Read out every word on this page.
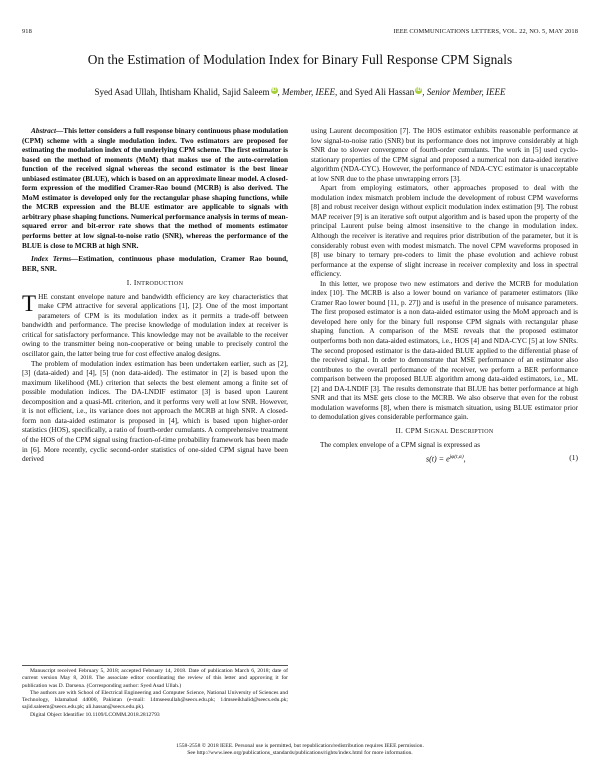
918	IEEE COMMUNICATIONS LETTERS, VOL. 22, NO. 5, MAY 2018
On the Estimation of Modulation Index for Binary Full Response CPM Signals
Syed Asad Ullah, Ihtisham Khalid, Sajid Saleem iD, Member, IEEE, and Syed Ali Hassan iD, Senior Member, IEEE

Abstract—This letter considers a full response binary continuous phase modulation (CPM) scheme with a single modulation index. Two estimators are proposed for estimating the modulation index of the underlying CPM scheme. The first estimator is based on the method of moments (MoM) that makes use of the auto-correlation function of the received signal whereas the second estimator is the best linear unbiased estimator (BLUE), which is based on an approximate linear model. A closed-form expression of the modified Cramer-Rao bound (MCRB) is also derived. The MoM estimator is developed only for the rectangular phase shaping functions, while the MCRB expression and the BLUE estimator are applicable to signals with arbitrary phase shaping functions. Numerical performance analysis in terms of mean-squared error and bit-error rate shows that the method of moments estimator performs better at low signal-to-noise ratio (SNR), whereas the performance of the BLUE is close to MCRB at high SNR.

Index Terms—Estimation, continuous phase modulation, Cramer Rao bound, BER, SNR.

I. INTRODUCTION

THE constant envelope nature and bandwidth efficiency are key characteristics that make CPM attractive for several applications [1], [2]. One of the most important parameters of CPM is its modulation index as it permits a trade-off between bandwidth and performance. The precise knowledge of modulation index at receiver is critical for satisfactory performance. This knowledge may not be available to the receiver owing to the transmitter being non-cooperative or being unable to precisely control the oscillator gain, the latter being true for cost effective analog designs.

The problem of modulation index estimation has been undertaken earlier, such as [2], [3] (data-aided) and [4], [5] (non data-aided). The estimator in [2] is based upon the maximum likelihood (ML) criterion that selects the best element among a finite set of possible modulation indices. The DA-LNDIF estimator [3] is based upon Laurent decomposition and a quasi-ML criterion, and it performs very well at low SNR. However, it is not efficient, i.e., its variance does not approach the MCRB at high SNR. A closed-form non data-aided estimator is proposed in [4], which is based upon higher-order statistics (HOS), specifically, a ratio of fourth-order cumulants. A comprehensive treatment of the HOS of the CPM signal using fraction-of-time probability framework has been made in [6]. More recently, cyclic second-order statistics of one-sided CPM signal have been derived

Manuscript received February 5, 2018; accepted February 14, 2018. Date of publication March 6, 2018; date of current version May 8, 2018. The associate editor coordinating the review of this letter and approving it for publication was D. Darsena. (Corresponding author: Syed Asad Ullah.)

The authors are with School of Electrical Engineering and Computer Science, National University of Sciences and Technology, Islamabad 44000, Pakistan (e-mail: 14mseesullah@seecs.edu.pk; 14mseeikhalid@seecs.edu.pk; sajid.saleem@seecs.edu.pk; ali.hassan@seecs.edu.pk).

Digital Object Identifier 10.1109/LCOMM.2018.2812793

using Laurent decomposition [7]. The HOS estimator exhibits reasonable performance at low signal-to-noise ratio (SNR) but its performance does not improve considerably at high SNR due to slower convergence of fourth-order cumulants. The work in [5] used cyclo-stationary properties of the CPM signal and proposed a numerical non data-aided iterative algorithm (NDA-CYC). However, the performance of NDA-CYC estimator is unacceptable at low SNR due to the phase unwrapping errors [3].

Apart from employing estimators, other approaches proposed to deal with the modulation index mismatch problem include the development of robust CPM waveforms [8] and robust receiver design without explicit modulation index estimation [9]. The robust MAP receiver [9] is an iterative soft output algorithm and is based upon the property of the principal Laurent pulse being almost insensitive to the change in modulation index. Although the receiver is iterative and requires prior distribution of the parameter, but it is considerably robust even with modest mismatch. The novel CPM waveforms proposed in [8] use binary to ternary pre-coders to limit the phase evolution and achieve robust performance at the expense of slight increase in receiver complexity and loss in spectral efficiency.

In this letter, we propose two new estimators and derive the MCRB for modulation index [10]. The MCRB is also a lower bound on variance of parameter estimators (like Cramer Rao lower bound [11, p. 27]) and is useful in the presence of nuisance parameters. The first proposed estimator is a non data-aided estimator using the MoM approach and is developed here only for the binary full response CPM signals with rectangular phase shaping function. A comparison of the MSE reveals that the proposed estimator outperforms both non data-aided estimators, i.e., HOS [4] and NDA-CYC [5] at low SNRs. The second proposed estimator is the data-aided BLUE applied to the differential phase of the received signal. In order to demonstrate that MSE performance of an estimator also contributes to the overall performance of the receiver, we perform a BER performance comparison between the proposed BLUE algorithm among data-aided estimators, i.e., ML [2] and DA-LNDIF [3]. The results demonstrate that BLUE has better performance at high SNR and that its MSE gets close to the MCRB. We also observe that even for the robust modulation waveforms [8], when there is mismatch situation, using BLUE estimator prior to demodulation gives considerable performance gain.

II. CPM SIGNAL DESCRIPTION

The complex envelope of a CPM signal is expressed as

$s(t) = e^{j\varphi(t,\alpha)}$,	(1)
1558-2558 © 2018 IEEE. Personal use is permitted, but republication/redistribution requires IEEE permission.
See http://www.ieee.org/publications_standards/publications/rights/index.html for more information.
